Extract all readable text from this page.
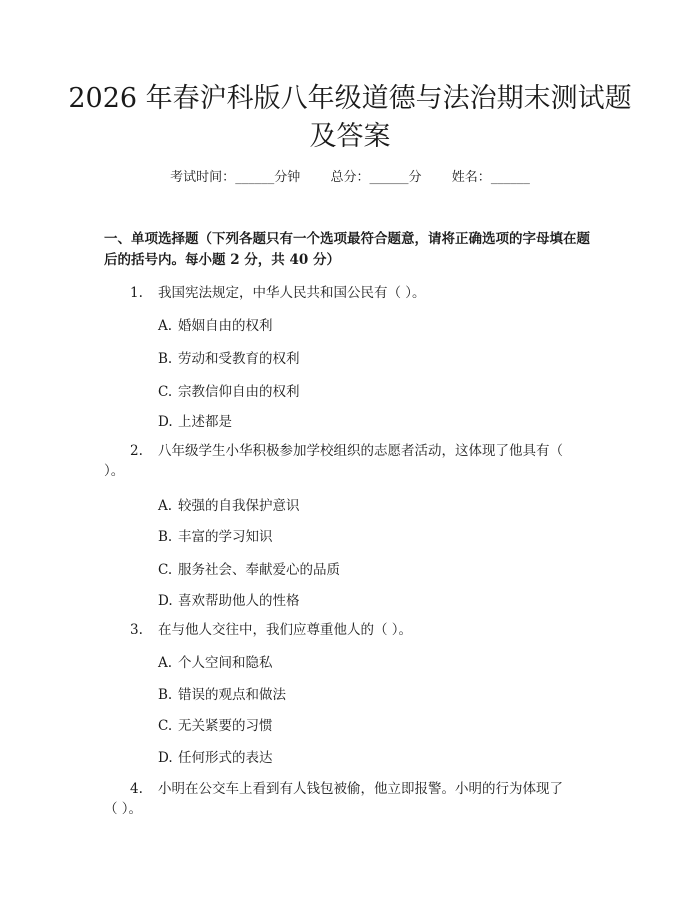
2026 年春沪科版八年级道德与法治期末测试题及答案
考试时间：______分钟 总分：______分 姓名：______

一、单项选择题（下列各题只有一个选项最符合题意，请将正确选项的字母填在题后的括号内。每小题 2 分，共 40 分）

1. 我国宪法规定，中华人民共和国公民有（ ）。

A. 婚姻自由的权利
B. 劳动和受教育的权利
C. 宗教信仰自由的权利
D. 上述都是

2. 八年级学生小华积极参加学校组织的志愿者活动，这体现了他具有（ ）。

A. 较强的自我保护意识
B. 丰富的学习知识
C. 服务社会、奉献爱心的品质
D. 喜欢帮助他人的性格

3. 在与他人交往中，我们应尊重他人的（ ）。

A. 个人空间和隐私
B. 错误的观点和做法
C. 无关紧要的习惯
D. 任何形式的表达

4. 小明在公交车上看到有人钱包被偷，他立即报警。小明的行为体现了（ ）。
